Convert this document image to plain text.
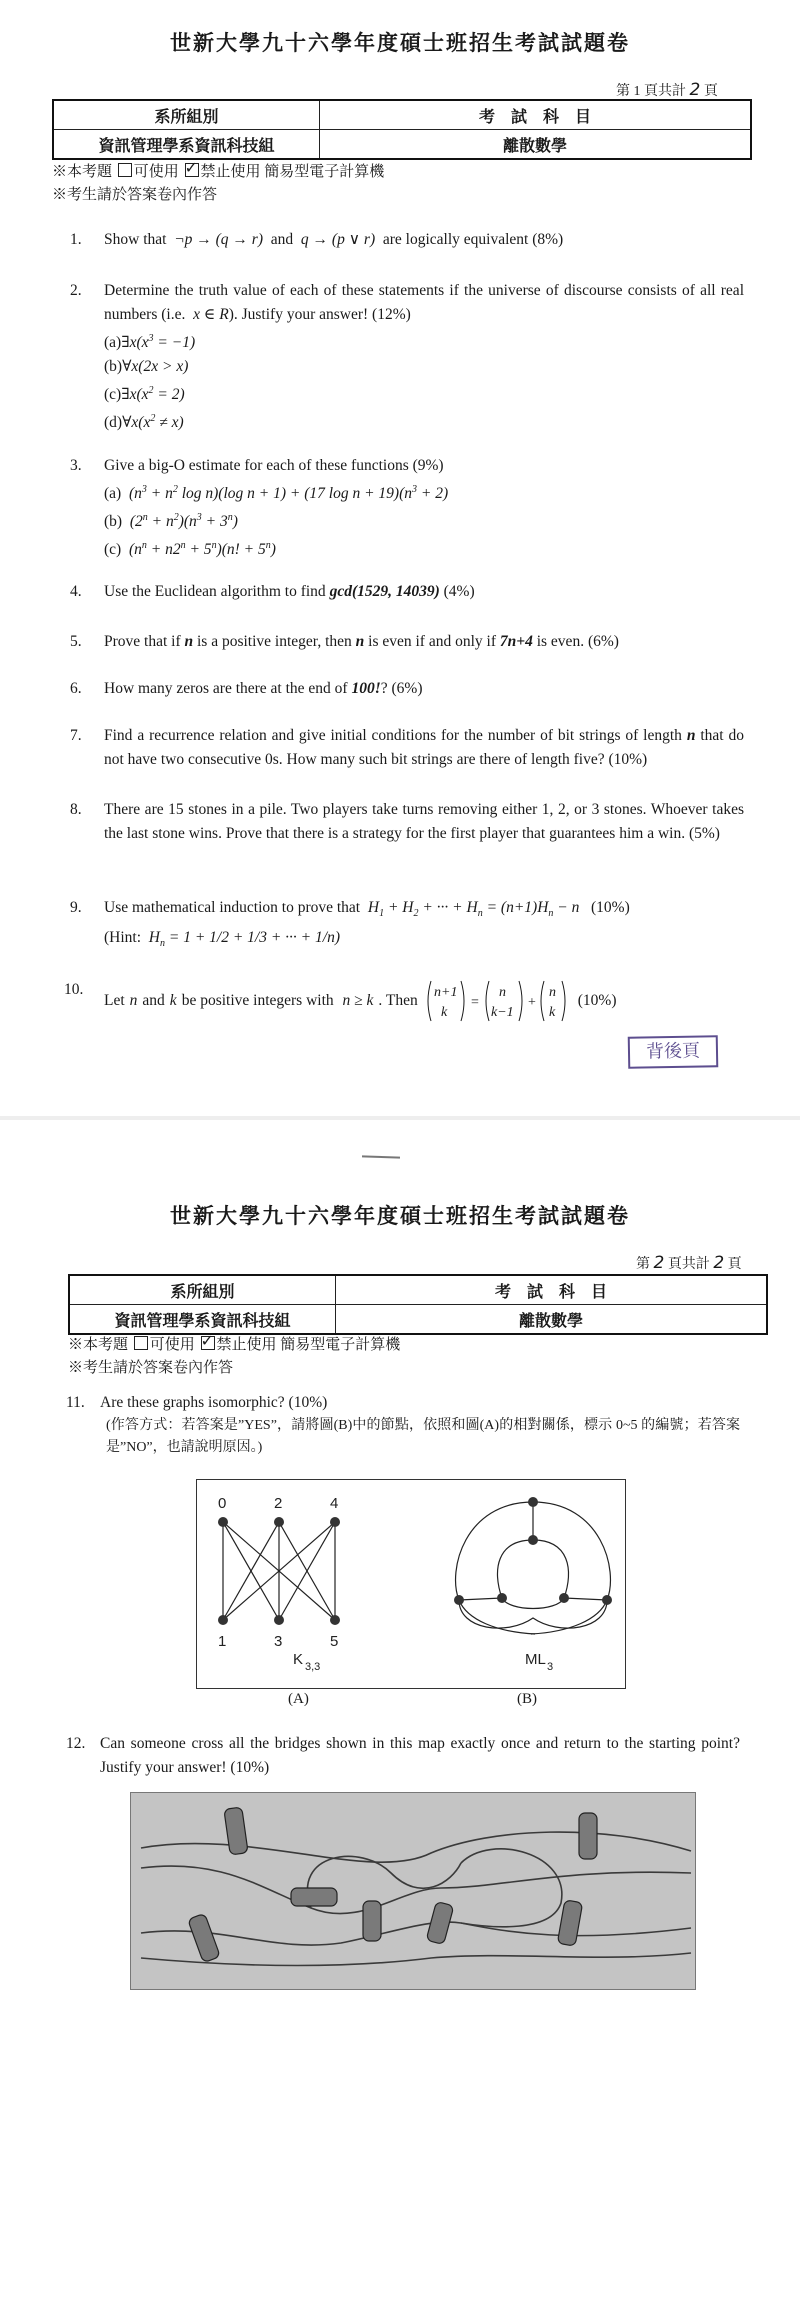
世新大學九十六學年度碩士班招生考試試題卷
第 1 頁共計 2 頁
系所組別	考　試　科　目
資訊管理學系資訊科技組	離散數學
※本考題 可使用 ✓ 禁止使用 簡易型電子計算機
※考生請於答案卷內作答
1.	Show that  ¬p → (q → r)  and  q → (p ∨ r)  are logically equivalent (8%)
2.	Determine the truth value of each of these statements if the universe of discourse consists of all real numbers (i.e.  x ∈ R). Justify your answer! (12%)
$(a)\exists x(x^3 = -1)$
(b)∀x(2x > x)
$(c)\exists x(x^2 = 2)$
$(d)\forall x(x^2 \ne x)$
3.	Give a big-O estimate for each of these functions (9%)
(a) ($n^3 + n^2$ log n)(log n + 1) + (17 $\log n + 19)(n^3 + 2)$
(b) $(2^n + n^2)(n^3 + 3^n)$
(c) $(n^n + n2^n + 5^n)(n$! + $5^n$)
4.	Use the Euclidean algorithm to find gcd(1529, 14039) (4%)
5.	Prove that if n is a positive integer, then n is even if and only if 7n+4 is even. (6%)
6.	How many zeros are there at the end of 100!? (6%)
7.	Find a recurrence relation and give initial conditions for the number of bit strings of length n that do not have two consecutive 0s. How many such bit strings are there of length five? (10%)
8.	There are 15 stones in a pile. Two players take turns removing either 1, 2, or 3 stones. Whoever takes the last stone wins. Prove that there is a strategy for the first player that guarantees him a win. (5%)
9.	Use mathematical induction to prove that  $H_1 + H_2$ + ··· + $H_n = (n+1)H_n - n$   (10%)
(Hint:  $H_n = 1 + 1/2 + 1/3$ + ··· + 1/n)
10.
Let n and k be positive integers with n ≥ k . Then n+1
k
=
n
k−1
+
n
k
(10%)
背後頁
世新大學九十六學年度碩士班招生考試試題卷
第 2 頁共計 2 頁
系所組別	考　試　科　目
資訊管理學系資訊科技組	離散數學
※本考題 可使用 ✓ 禁止使用 簡易型電子計算機
※考生請於答案卷內作答
11. Are these graphs isomorphic? (10%)
(作答方式：若答案是”YES”，請將圖(B)中的節點，依照和圖(A)的相對關係，標示 0~5 的編號；若答案是”NO”，也請說明原因。)
0	2	4
1	3	5
K 3,3	ML 3
(A)	(B)
12. Can someone cross all the bridges shown in this map exactly once and return to the starting point? Justify your answer! (10%)
